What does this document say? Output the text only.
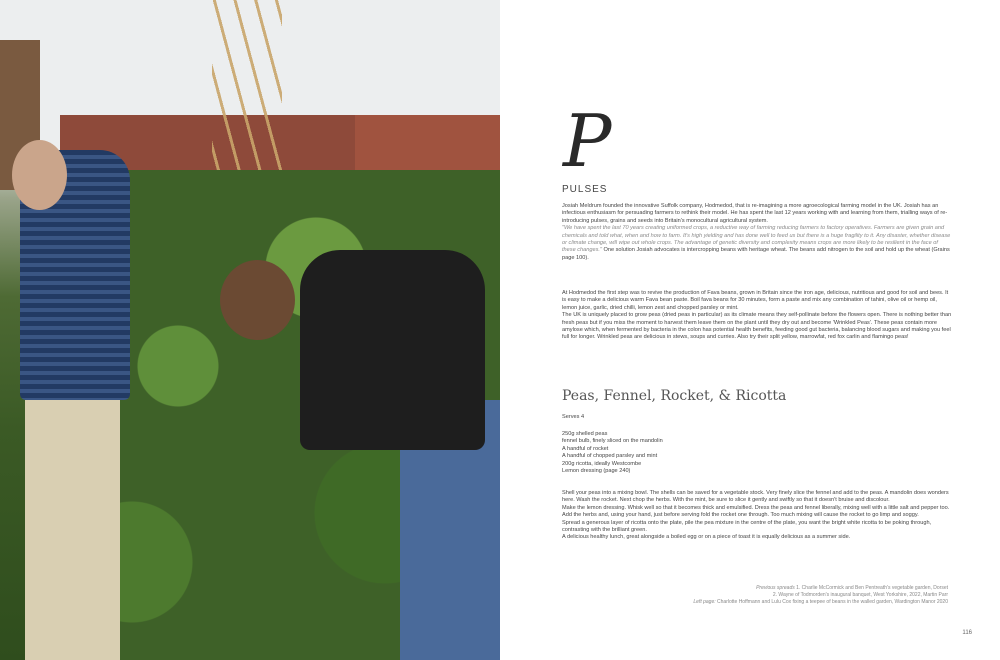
P
PULSES

Josiah Meldrum founded the innovative Suffolk company, Hodmedod, that is re-imagining a more agroecological farming model in the UK. Josiah has an infectious enthusiasm for persuading farmers to rethink their model. He has spent the last 12 years working with and learning from them, trialling ways of re-introducing pulses, grains and seeds into Britain's monocultural agricultural system.

"We have spent the last 70 years creating uniformed crops, a reductive way of farming reducing farmers to factory operatives. Farmers are given grain and chemicals and told what, when and how to farm. It's high yielding and has done well to feed us but there is a huge fragility to it. Any disaster, whether disease or climate change, will wipe out whole crops. The advantage of genetic diversity and complexity means crops are more likely to be resilient in the face of these changes." One solution Josiah advocates is intercropping beans with heritage wheat. The beans add nitrogen to the soil and hold up the wheat (Grains page 100).

At Hodmedod the first step was to revive the production of Fava beans, grown in Britain since the iron age, delicious, nutritious and good for soil and bees. It is easy to make a delicious warm Fava bean paste. Boil fava beans for 30 minutes, form a paste and mix any combination of tahini, olive oil or hemp oil, lemon juice, garlic, dried chilli, lemon zest and chopped parsley or mint.

The UK is uniquely placed to grow peas (dried peas in particular) as its climate means they self-pollinate before the flowers open. There is nothing better than fresh peas but if you miss the moment to harvest them leave them on the plant until they dry out and become 'Wrinkled Peas'. These peas contain more amylose which, when fermented by bacteria in the colon has potential health benefits, feeding good gut bacteria, balancing blood sugars and making you feel full for longer. Wrinkled peas are delicious in stews, soups and curries. Also try their split yellow, marrowfat, red fox carlin and flamingo peas!

Peas, Fennel, Rocket, & Ricotta
Serves 4

250g shelled peas

fennel bulb, finely sliced on the mandolin

A handful of rocket

A handful of chopped parsley and mint

200g ricotta, ideally Westcombe

Lemon dressing (page 240)

Shell your peas into a mixing bowl. The shells can be saved for a vegetable stock. Very finely slice the fennel and add to the peas. A mandolin does wonders here. Wash the rocket. Next chop the herbs. With the mint, be sure to slice it gently and swiftly so that it doesn't bruise and discolour.

Make the lemon dressing. Whisk well so that it becomes thick and emulsified. Dress the peas and fennel liberally, mixing well with a little salt and pepper too. Add the herbs and, using your hand, just before serving fold the rocket one through. Too much mixing will cause the rocket to go limp and soggy.

Spread a generous layer of ricotta onto the plate, pile the pea mixture in the centre of the plate, you want the bright white ricotta to be poking through, contrasting with the brilliant green.

A delicious healthy lunch, great alongside a boiled egg or on a piece of toast it is equally delicious as a summer side.

Previous spreads 1. Charlie McCormick and Ben Pentreath's vegetable garden, Dorset

2. Wayne of Todmorden's inaugural banquet, West Yorkshire, 2022, Martin Parr

Left page: Charlotte Hoffmann and Lulu Cox fixing a teepee of beans in the walled garden, Wardington Manor 2020

116
